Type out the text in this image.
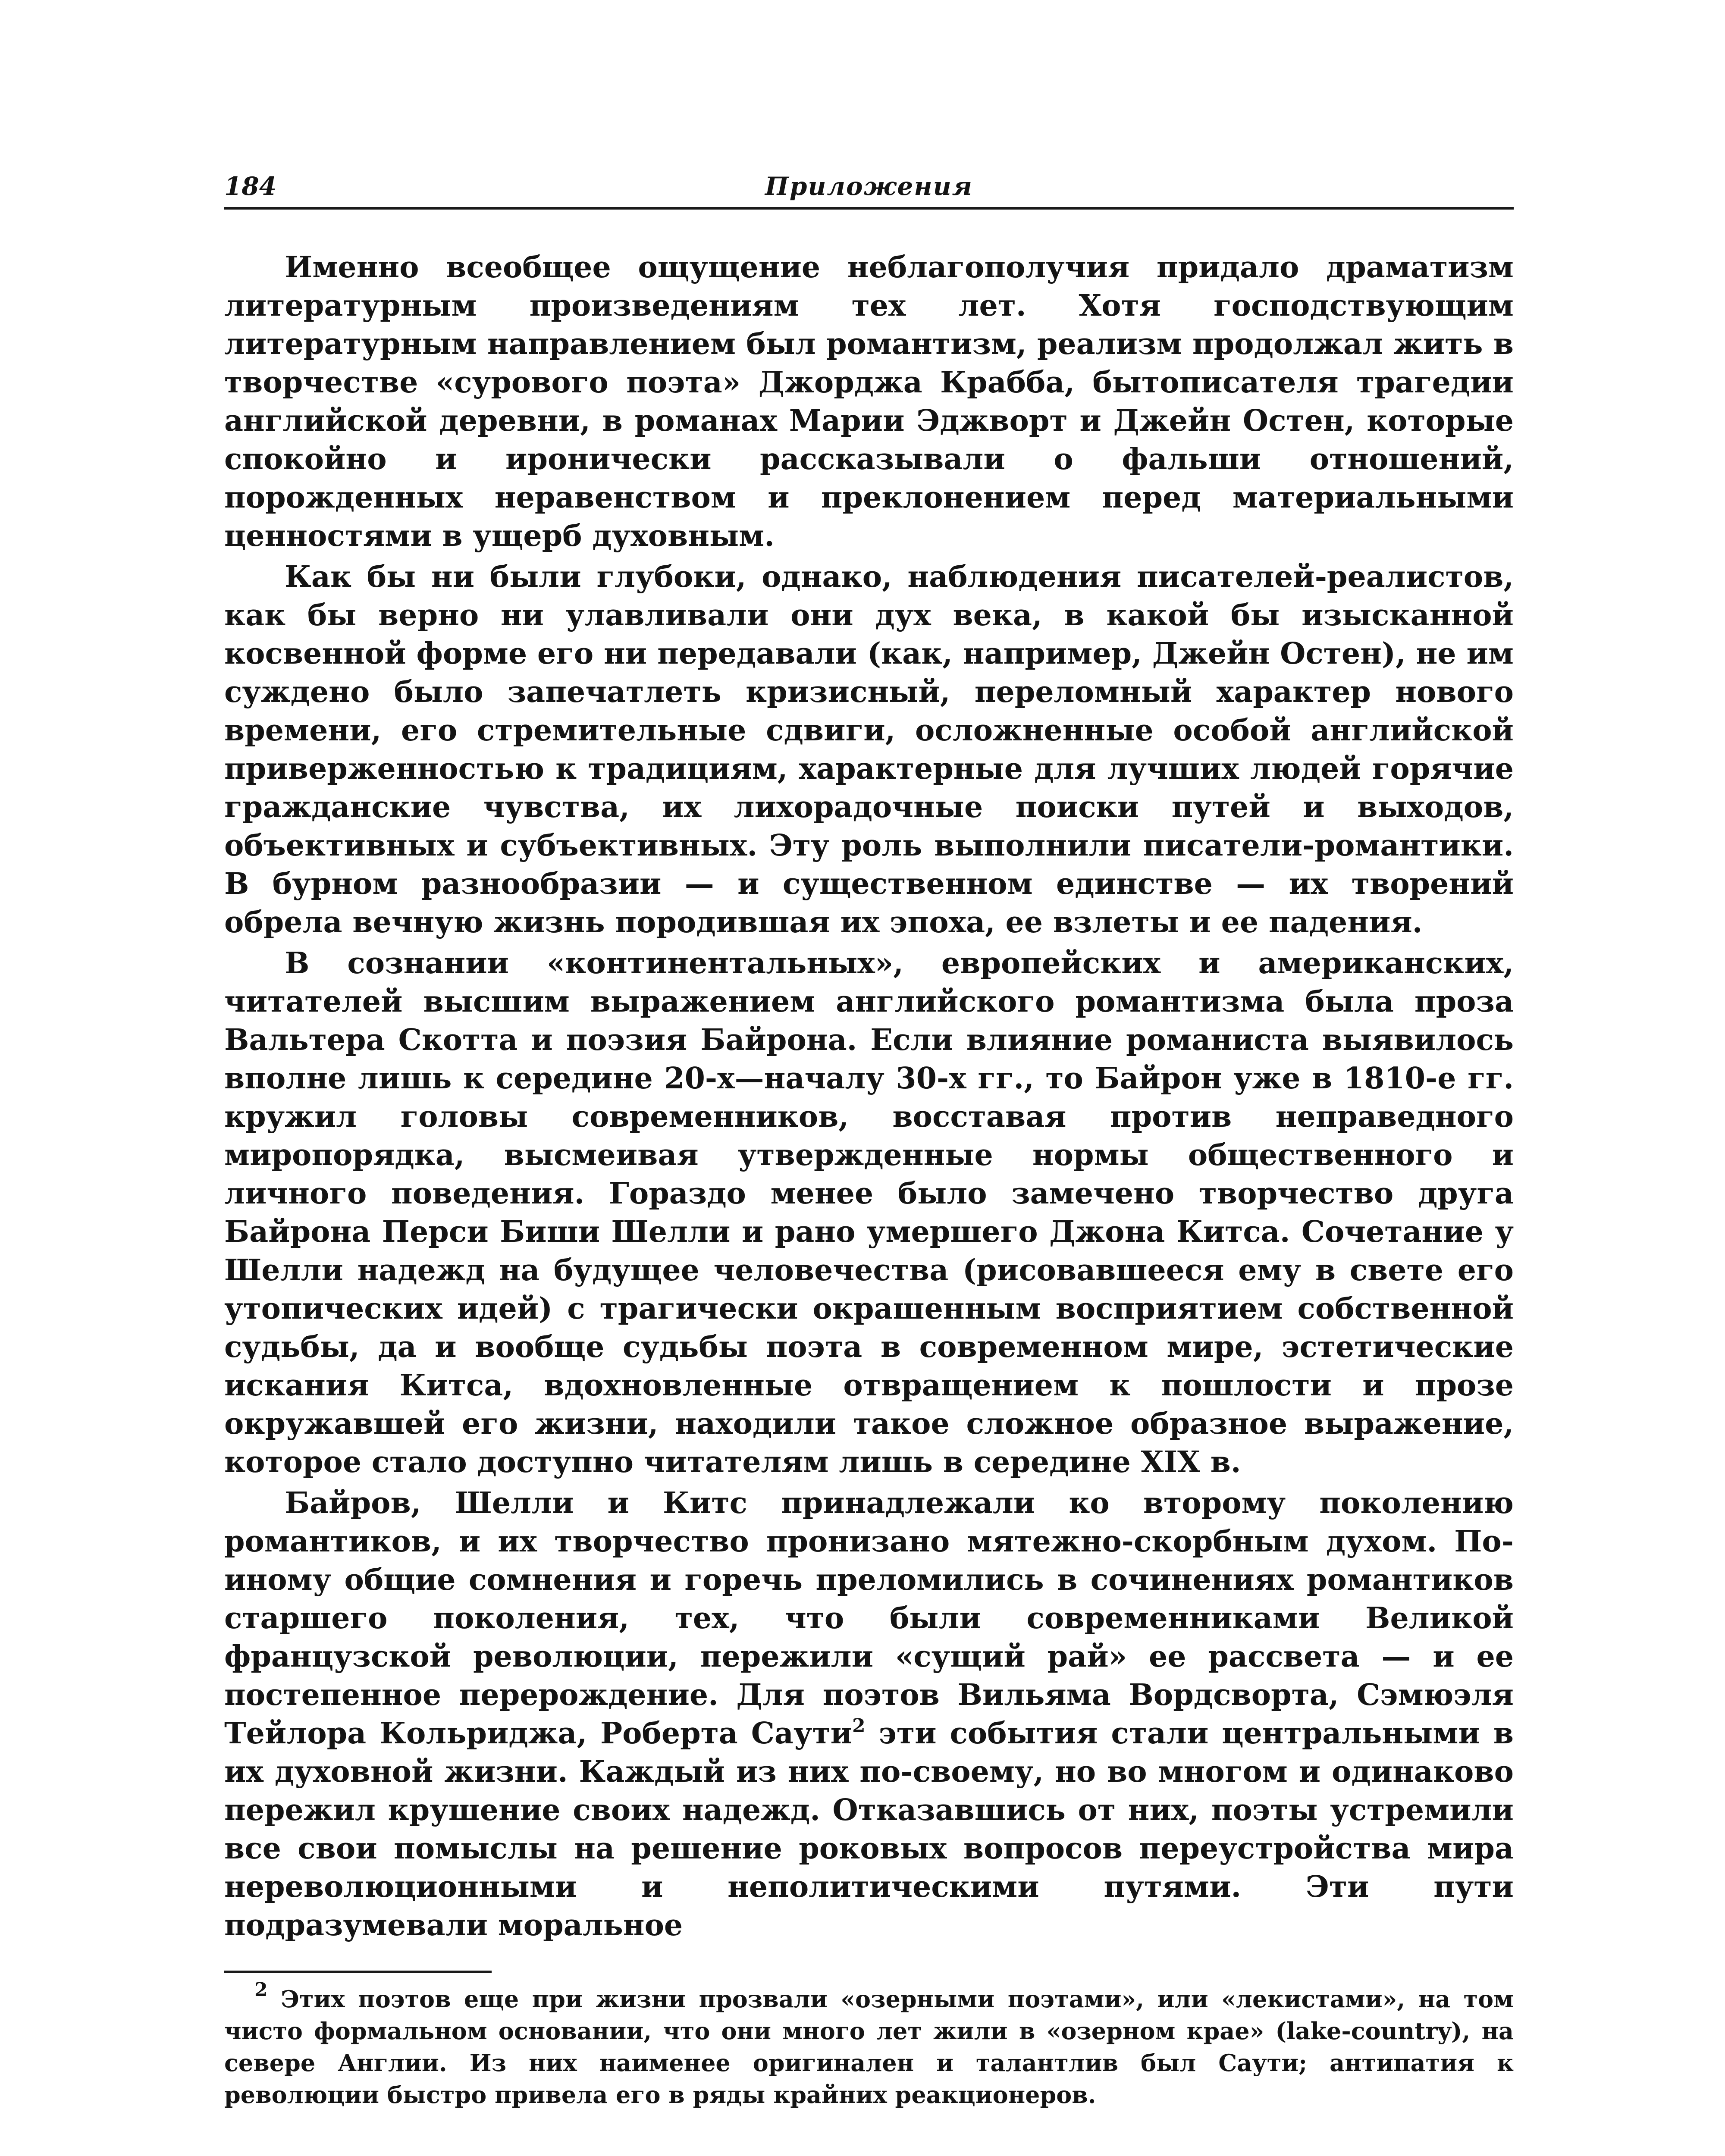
184	Приложения

Именно всеобщее ощущение неблагополучия придало драматизм литературным произведениям тех лет. Хотя господствующим литературным направлением был романтизм, реализм продолжал жить в творчестве «сурового поэта» Джорджа Крабба, бытописателя трагедии английской деревни, в романах Марии Эджворт и Джейн Остен, которые спокойно и иронически рассказывали о фальши отношений, порожденных неравенством и преклонением перед материальными ценностями в ущерб духовным.

Как бы ни были глубоки, однако, наблюдения писателей-реалистов, как бы верно ни улавливали они дух века, в какой бы изысканной косвенной форме его ни передавали (как, например, Джейн Остен), не им суждено было запечатлеть кризисный, переломный характер нового времени, его стремительные сдвиги, осложненные особой английской приверженностью к традициям, характерные для лучших людей горячие гражданские чувства, их лихорадочные поиски путей и выходов, объективных и субъективных. Эту роль выполнили писатели-романтики. В бурном разнообразии — и существенном единстве — их творений обрела вечную жизнь породившая их эпоха, ее взлеты и ее падения.

В сознании «континентальных», европейских и американских, читателей высшим выражением английского романтизма была проза Вальтера Скотта и поэзия Байрона. Если влияние романиста выявилось вполне лишь к середине 20-х—началу 30-х гг., то Байрон уже в 1810-е гг. кружил головы современников, восставая против неправедного миропорядка, высмеивая утвержденные нормы общественного и личного поведения. Гораздо менее было замечено творчество друга Байрона Перси Биши Шелли и рано умершего Джона Китса. Сочетание у Шелли надежд на будущее человечества (рисовавшееся ему в свете его утопических идей) с трагически окрашенным восприятием собственной судьбы, да и вообще судьбы поэта в современном мире, эстетические искания Китса, вдохновленные отвращением к пошлости и прозе окружавшей его жизни, находили такое сложное образное выражение, которое стало доступно читателям лишь в середине XIX в.

Байров, Шелли и Китс принадлежали ко второму поколению романтиков, и их творчество пронизано мятежно-скорбным духом. По-иному общие сомнения и горечь преломились в сочинениях романтиков старшего поколения, тех, что были современниками Великой французской революции, пережили «сущий рай» ее рассвета — и ее постепенное перерождение. Для поэтов Вильяма Вордсворта, Сэмюэля Тейлора Кольриджа, Роберта Саути$^2$ эти события стали центральными в их духовной жизни. Каждый из них по-своему, но во многом и одинаково пережил крушение своих надежд. Отказавшись от них, поэты устремили все свои помыслы на решение роковых вопросов переустройства мира нереволюционными и неполитическими путями. Эти пути подразумевали моральное

$^2$ Этих поэтов еще при жизни прозвали «озерными поэтами», или «лекистами», на том чисто формальном основании, что они много лет жили в «озерном крае» (lake-country), на севере Англии. Из них наименее оригинален и талантлив был Саути; антипатия к революции быстро привела его в ряды крайних реакционеров.
